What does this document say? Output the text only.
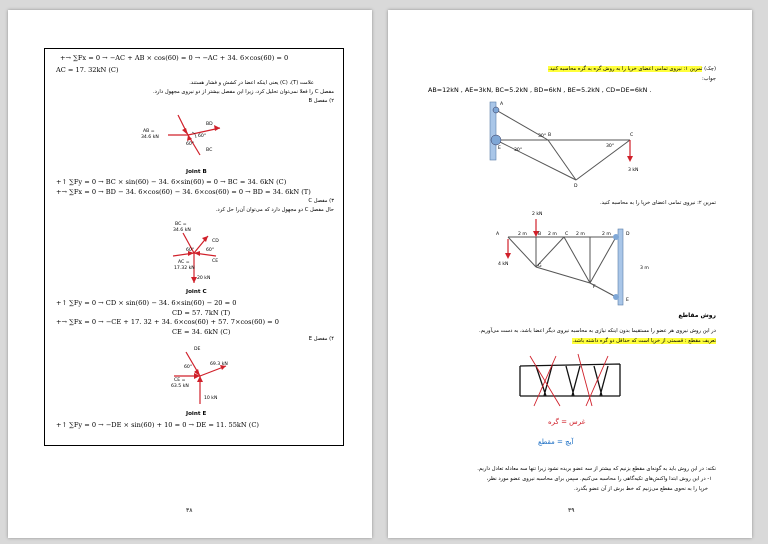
+→ ∑Fx = 0 → −AC + AB × cos(60) = 0 → −AC + 34. 6×cos(60) = 0
AC = 17. 32kN (C)
علامت (T)، (C) یعنی اینکه اعضا در کشش و فشار هستند.
مفصل C را فعلا نمی‌توان تحلیل کرد، زیرا این مفصل بیشتر از دو نیروی مجهول دارد.
۲) مفصل B
AB =
34.6 kN
BD
BC
60°
60°
Joint B
+↑ ∑Fy = 0 → BC × sin(60) − 34. 6×sin(60) = 0 → BC = 34. 6kN (C)
+→ ∑Fx = 0 → BD − 34. 6×cos(60) − 34. 6×cos(60) = 0 → BD = 34. 6kN (T)
۳) مفصل C
حال مفصل C دو مجهول دارد که می‌توان آن‌را حل کرد.
BC =
34.6 kN
CD
CE
AC =
17.32 kN
60°	60°
20 kN
Joint C
+↑ ∑Fy = 0 → CD × sin(60) − 34. 6×sin(60) − 20 = 0
CD = 57. 7kN (T)
+→ ∑Fx = 0 → −CE + 17. 32 + 34. 6×cos(60) + 57. 7×cos(60) = 0
CE = 34. 6kN (C)
۴) مفصل E
DE
60°
69.3 kN
CE =
63.5 kN
10 kN
Joint E
+↑ ∑Fy = 0 → −DE × sin(60) + 10 = 0 → DE = 11. 55kN (C)
۳۸
(چک) تمرین ۱: نیروی تمامی اعضای خرپا را به روش گره به گره محاسبه کنید.
جواب:
AB=12kN , AE=3kN, BC=5.2kN , BD=6kN , BE=5.2kN , CD=DE=6kN .
A
B	C
D
E	30°
30°
30°
3 kN
تمرین ۲: نیروی تمامی اعضای خرپا را به محاسبه کنید.
A	B	C	D
E
F
G
2 kN
4 kN
2 m	2 m	2 m	2 m
3 m
روش مقاطع
در این روش نیروی هر عضو را مستقیما بدون اینکه نیازی به محاسبه نیروی دیگر اعضا باشد، به دست می‌آوریم.
تعریف مقطع : قسمتی از خرپا است که حداقل دو گره داشته باشد.
غرس = گره
آیچ = مقطع
نکته: در این روش باید به گونه‌ای مقطع بزنیم که بیشتر از سه عضو بریده نشود زیرا تنها سه معادله تعادل داریم.
۱- در این روش ابتدا واکنش‌های تکیه‌گاهی را محاسبه می‌کنیم. سپس برای محاسبه نیروی عضو مورد نظر،
خرپا را به نحوی مقطع می‌زنیم که خط برش از آن عضو بگذرد.
۳۹
